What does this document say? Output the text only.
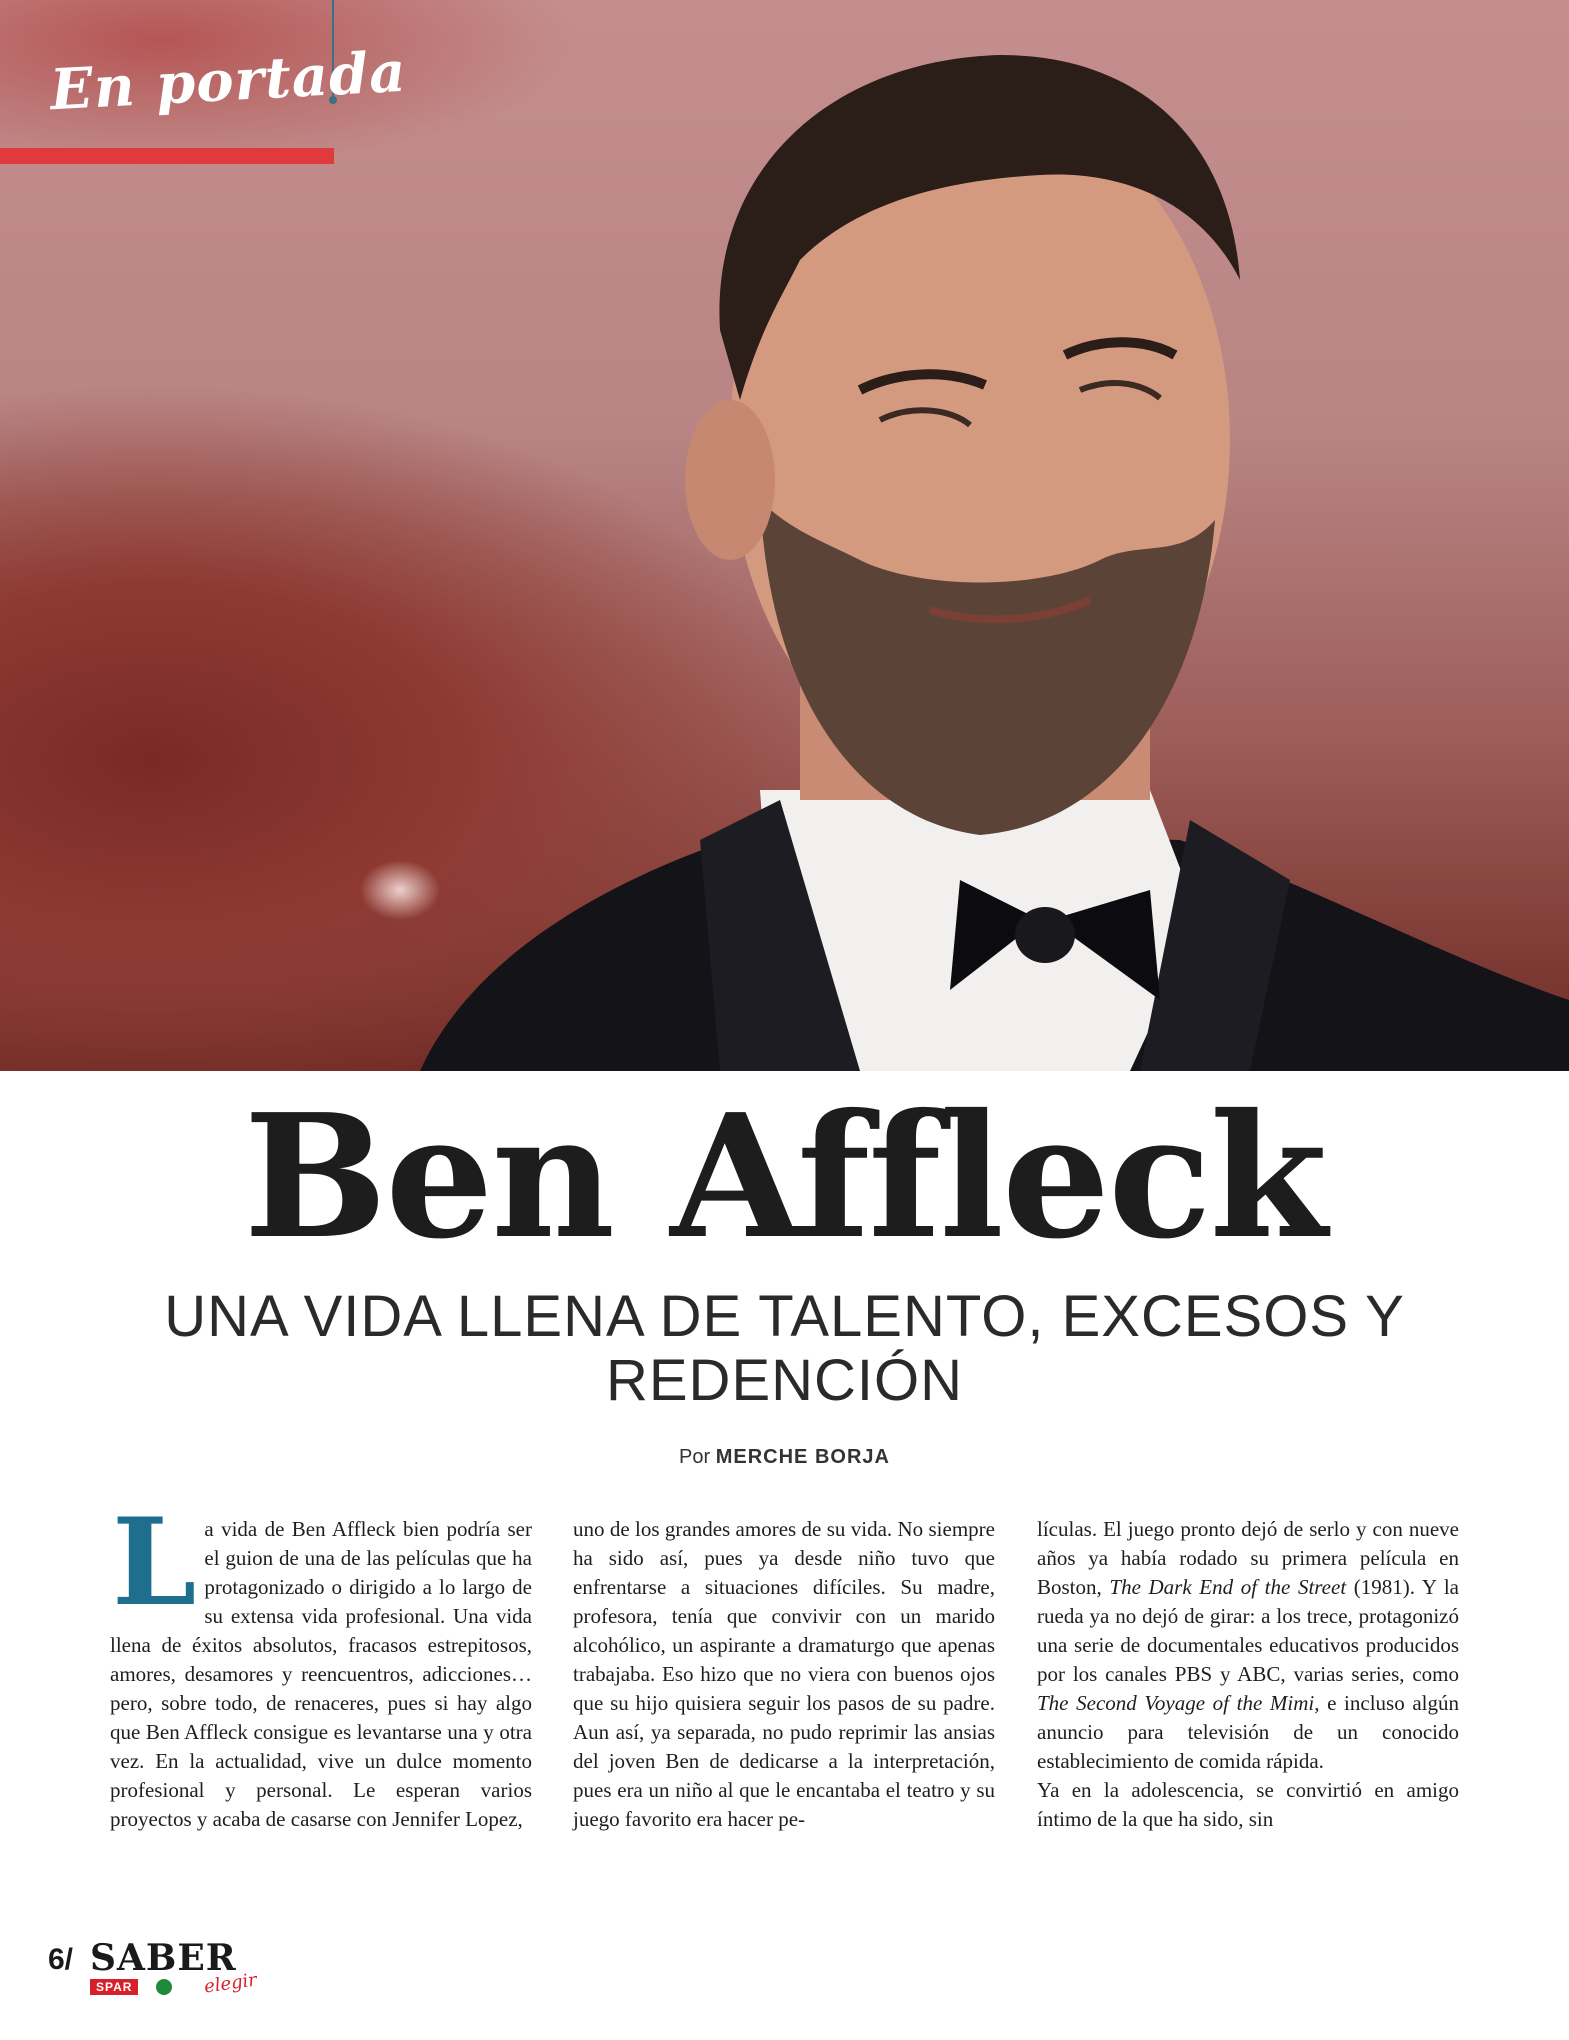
En portada
Ben Affleck
UNA VIDA LLENA DE TALENTO, EXCESOS Y REDENCIÓN
Por MERCHE BORJA

L a vida de Ben Affleck bien podría ser el guion de una de las películas que ha protagonizado o dirigido a lo largo de su extensa vida profesional. Una vida llena de éxitos absolutos, fracasos estrepitosos, amores, desamores y reencuentros, adicciones… pero, sobre todo, de renaceres, pues si hay algo que Ben Affleck consigue es levantarse una y otra vez. En la actualidad, vive un dulce momento profesional y personal. Le esperan varios proyectos y acaba de casarse con Jennifer Lopez,

uno de los grandes amores de su vida. No siempre ha sido así, pues ya desde niño tuvo que enfrentarse a situaciones difíciles. Su madre, profesora, tenía que convivir con un marido alcohólico, un aspirante a dramaturgo que apenas trabajaba. Eso hizo que no viera con buenos ojos que su hijo quisiera seguir los pasos de su padre. Aun así, ya separada, no pudo reprimir las ansias del joven Ben de dedicarse a la interpretación, pues era un niño al que le encantaba el teatro y su juego favorito era hacer pe-

lículas. El juego pronto dejó de serlo y con nueve años ya había rodado su primera película en Boston, The Dark End of the Street (1981). Y la rueda ya no dejó de girar: a los trece, protagonizó una serie de documentales educativos producidos por los canales PBS y ABC, varias series, como The Second Voyage of the Mimi, e incluso algún anuncio para televisión de un conocido establecimiento de comida rápida.

Ya en la adolescencia, se convirtió en amigo íntimo de la que ha sido, sin

6/ SABER
SPAR	elegir
